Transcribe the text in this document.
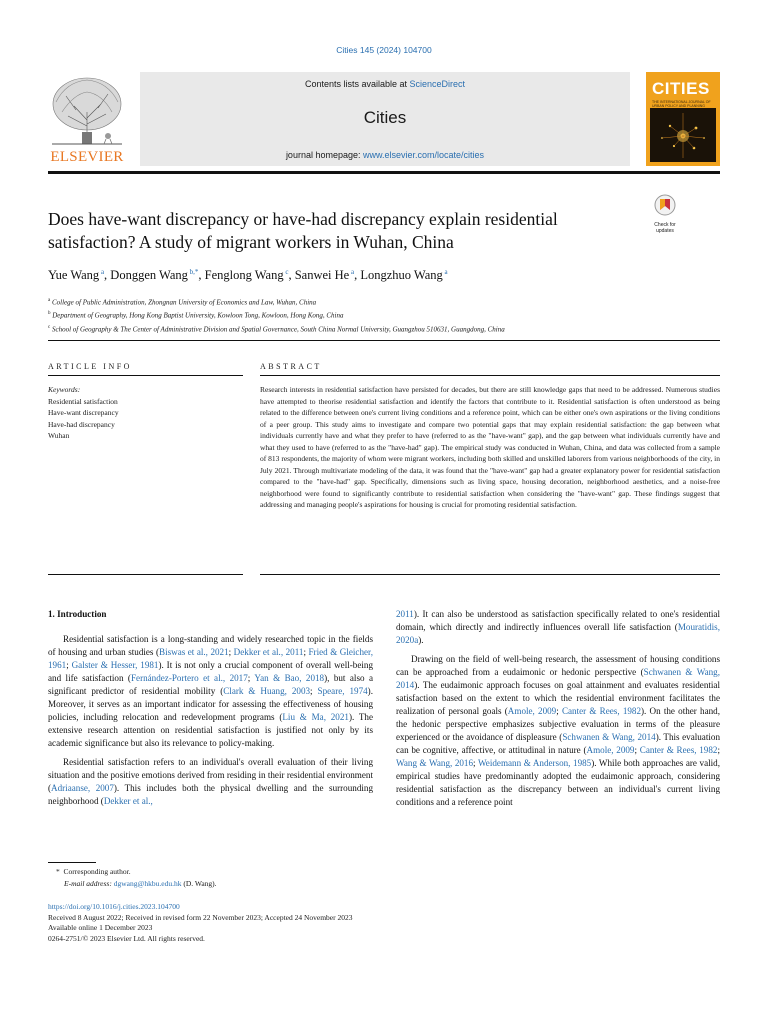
Cities 145 (2024) 104700
ELSEVIER
Contents lists available at ScienceDirect
Cities
journal homepage: www.elsevier.com/locate/cities
CITIES
THE INTERNATIONAL JOURNAL OF URBAN POLICY AND PLANNING
Does have-want discrepancy or have-had discrepancy explain residential satisfaction? A study of migrant workers in Wuhan, China
Check for updates
Yue Wang $^a$, Donggen Wang $^{b,*}$, Fenglong Wang $^c$, Sanwei He $^a$, Longzhuo Wang $^a$
$^a$ College of Public Administration, Zhongnan University of Economics and Law, Wuhan, China
$^b$ Department of Geography, Hong Kong Baptist University, Kowloon Tong, Kowloon, Hong Kong, China
$^c$ School of Geography & The Center of Administrative Division and Spatial Governance, South China Normal University, Guangzhou 510631, Guangdong, China
ARTICLE INFO	ABSTRACT
Keywords:
Residential satisfaction
Have-want discrepancy
Have-had discrepancy
Wuhan
Research interests in residential satisfaction have persisted for decades, but there are still knowledge gaps that need to be addressed. Numerous studies have attempted to theorise residential satisfaction and identify the factors that contribute to it. Residential satisfaction is often understood as being related to the difference between one's current living conditions and a reference point, which can be either one's own aspirations or the living conditions of a peer group. This study aims to investigate and compare two potential gaps that may explain residential satisfaction: the gap between what individuals currently have and what they prefer to have (referred to as the "have-want" gap), and the gap between what individuals currently have and what they used to have (referred to as the "have-had" gap). The empirical study was conducted in Wuhan, China, and data was collected from a sample of 813 respondents, the majority of whom were migrant workers, including both skilled and unskilled laborers from various neighborhoods of the city, in July 2021. Through multivariate modeling of the data, it was found that the "have-want" gap had a greater explanatory power for residential satisfaction compared to the "have-had" gap. Specifically, dimensions such as living space, housing decoration, neighborhood aesthetics, and a noise-free neighborhood were found to significantly contribute to residential satisfaction when considering the "have-want" gap. These findings suggest that addressing and managing people's aspirations for housing is crucial for promoting residential satisfaction.

1. Introduction

Residential satisfaction is a long-standing and widely researched topic in the fields of housing and urban studies (Biswas et al., 2021; Dekker et al., 2011; Fried & Gleicher, 1961; Galster & Hesser, 1981). It is not only a crucial component of overall well-being and life satisfaction (Fernández-Portero et al., 2017; Yan & Bao, 2018), but also a significant predictor of residential mobility (Clark & Huang, 2003; Speare, 1974). Moreover, it serves as an important indicator for assessing the effectiveness of housing policies, including relocation and redevelopment programs (Liu & Ma, 2021). The extensive research attention on residential satisfaction is justified not only by its academic significance but also its relevance to policy-making.

Residential satisfaction refers to an individual's overall evaluation of their living situation and the positive emotions derived from residing in their residential environment (Adriaanse, 2007). This includes both the physical dwelling and the surrounding neighborhood (Dekker et al.,

2011). It can also be understood as satisfaction specifically related to one's residential domain, which directly and indirectly influences overall life satisfaction (Mouratidis, 2020a).

Drawing on the field of well-being research, the assessment of housing conditions can be approached from a eudaimonic or hedonic perspective (Schwanen & Wang, 2014). The eudaimonic approach focuses on goal attainment and evaluates residential satisfaction based on the extent to which the residential environment facilitates the realization of personal goals (Amole, 2009; Canter & Rees, 1982). On the other hand, the hedonic perspective emphasizes subjective evaluation in terms of the pleasure experienced or the avoidance of displeasure (Schwanen & Wang, 2014). This evaluation can be cognitive, affective, or attitudinal in nature (Amole, 2009; Canter & Rees, 1982; Wang & Wang, 2016; Weidemann & Anderson, 1985). While both approaches are valid, empirical studies have predominantly adopted the eudaimonic approach, considering residential satisfaction as the discrepancy between an individual's current living conditions and a reference point

* Corresponding author.
E-mail address: dgwang@hkbu.edu.hk (D. Wang).
https://doi.org/10.1016/j.cities.2023.104700
Received 8 August 2022; Received in revised form 22 November 2023; Accepted 24 November 2023
Available online 1 December 2023
0264-2751/© 2023 Elsevier Ltd. All rights reserved.
